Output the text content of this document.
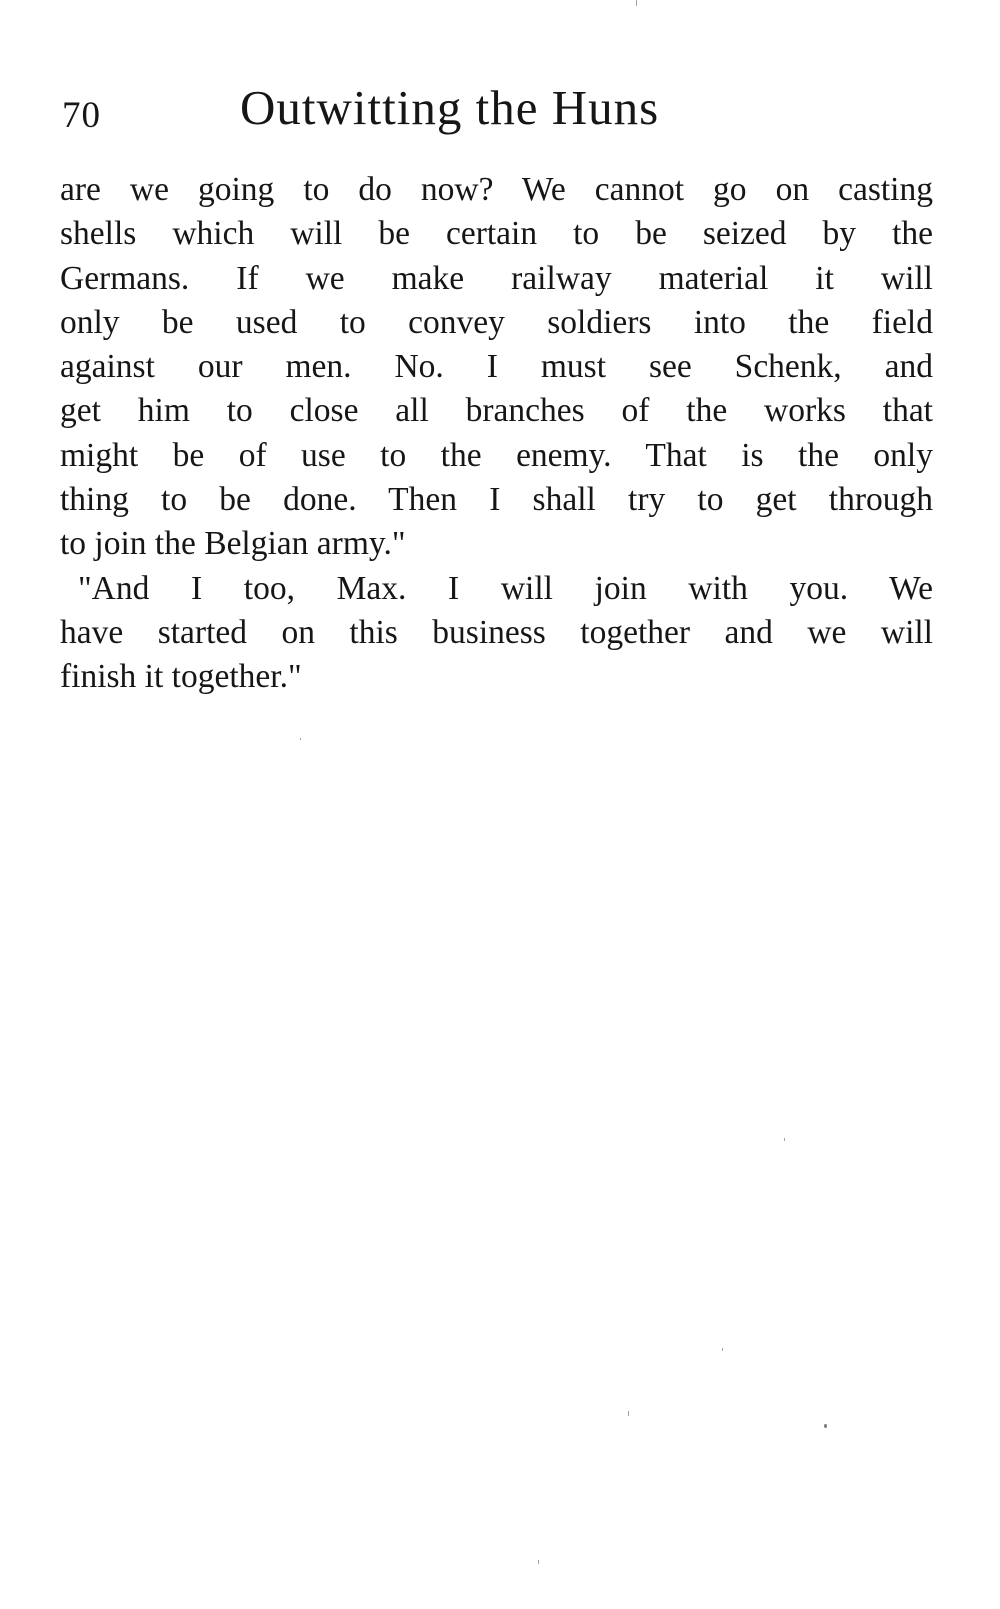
70	Outwitting the Huns
are we going to do now? We cannot go on casting
shells which will be certain to be seized by the
Germans. If we make railway material it will
only be used to convey soldiers into the field
against our men. No. I must see Schenk, and
get him to close all branches of the works that
might be of use to the enemy. That is the only
thing to be done. Then I shall try to get through
to join the Belgian army."
"And I too, Max. I will join with you. We
have started on this business together and we will
finish it together."
